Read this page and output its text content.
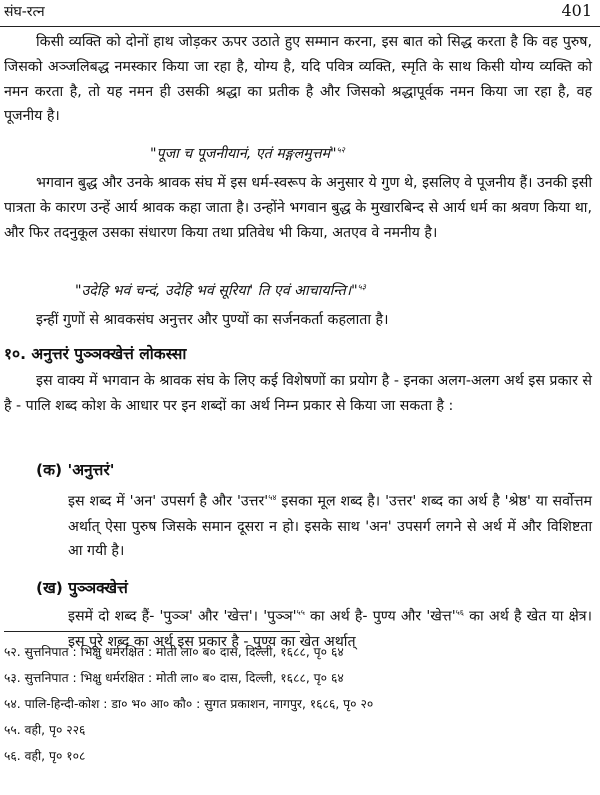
संघ-रत्न	401

किसी व्यक्ति को दोनों हाथ जोड़कर ऊपर उठाते हुए सम्मान करना, इस बात को सिद्ध करता है कि वह पुरुष, जिसको अञ्जलिबद्ध नमस्कार किया जा रहा है, योग्य है, यदि पवित्र व्यक्ति, स्मृति के साथ किसी योग्य व्यक्ति को नमन करता है, तो यह नमन ही उसकी श्रद्धा का प्रतीक है और जिसको श्रद्धापूर्वक नमन किया जा रहा है, वह पूजनीय है।

"पूजा च पूजनीयानं, एतं मङ्गलमुत्तमं"$^{५२}$

भगवान बुद्ध और उनके श्रावक संघ में इस धर्म-स्वरूप के अनुसार ये गुण थे, इसलिए वे पूजनीय हैं। उनकी इसी पात्रता के कारण उन्हें आर्य श्रावक कहा जाता है। उन्होंने भगवान बुद्ध के मुखारबिन्द से आर्य धर्म का श्रवण किया था, और फिर तदनुकूल उसका संधारण किया तथा प्रतिवेध भी किया, अतएव वे नमनीय है।

"उदेहि भवं चन्दं, उदेहि भवं सूरिया' ति एवं आचायन्ति।"$^{५३}$

इन्हीं गुणों से श्रावकसंघ अनुत्तर और पुण्यों का सर्जनकर्ता कहलाता है।

१०. अनुत्तरं पुञ्ञक्खेत्तं लोकस्सा

इस वाक्य में भगवान के श्रावक संघ के लिए कई विशेषणों का प्रयोग है - इनका अलग-अलग अर्थ इस प्रकार से है - पालि शब्द कोश के आधार पर इन शब्दों का अर्थ निम्न प्रकार से किया जा सकता है :

(क) 'अनुत्तरं'

इस शब्द में 'अन' उपसर्ग है और '$उत्तर'^{५४}$ इसका मूल शब्द है। 'उत्तर' शब्द का अर्थ है 'श्रेष्ठ' या सर्वोत्तम अर्थात् ऐसा पुरुष जिसके समान दूसरा न हो। इसके साथ 'अन' उपसर्ग लगने से अर्थ में और विशिष्टता आ गयी है।

(ख) पुञ्ञक्खेत्तं

इसमें दो शब्द हैं- 'पुञ्ञ' और 'खेत्त'। '$पुञ्ञ'^{५५}$ का अर्थ है- पुण्य और '$खेत्त'^{५६}$ का अर्थ है खेत या क्षेत्र। इस पूरे शब्द का अर्थ इस प्रकार है - पुण्य का खेत अर्थात्

५२. सुत्तनिपात : भिक्षु धर्मरक्षित : मोती ला० ब० दास, दिल्ली, १६८८, पृ० ६४

५३. सुत्तनिपात : भिक्षु धर्मरक्षित : मोती ला० ब० दास, दिल्ली, १६८८, पृ० ६४

५४. पालि-हिन्दी-कोश : डा० भ० आ० कौ० : सुगत प्रकाशन, नागपुर, १६८६, पृ० २०

५५. वही, पृ० २२६

५६. वही, पृ० १०८
